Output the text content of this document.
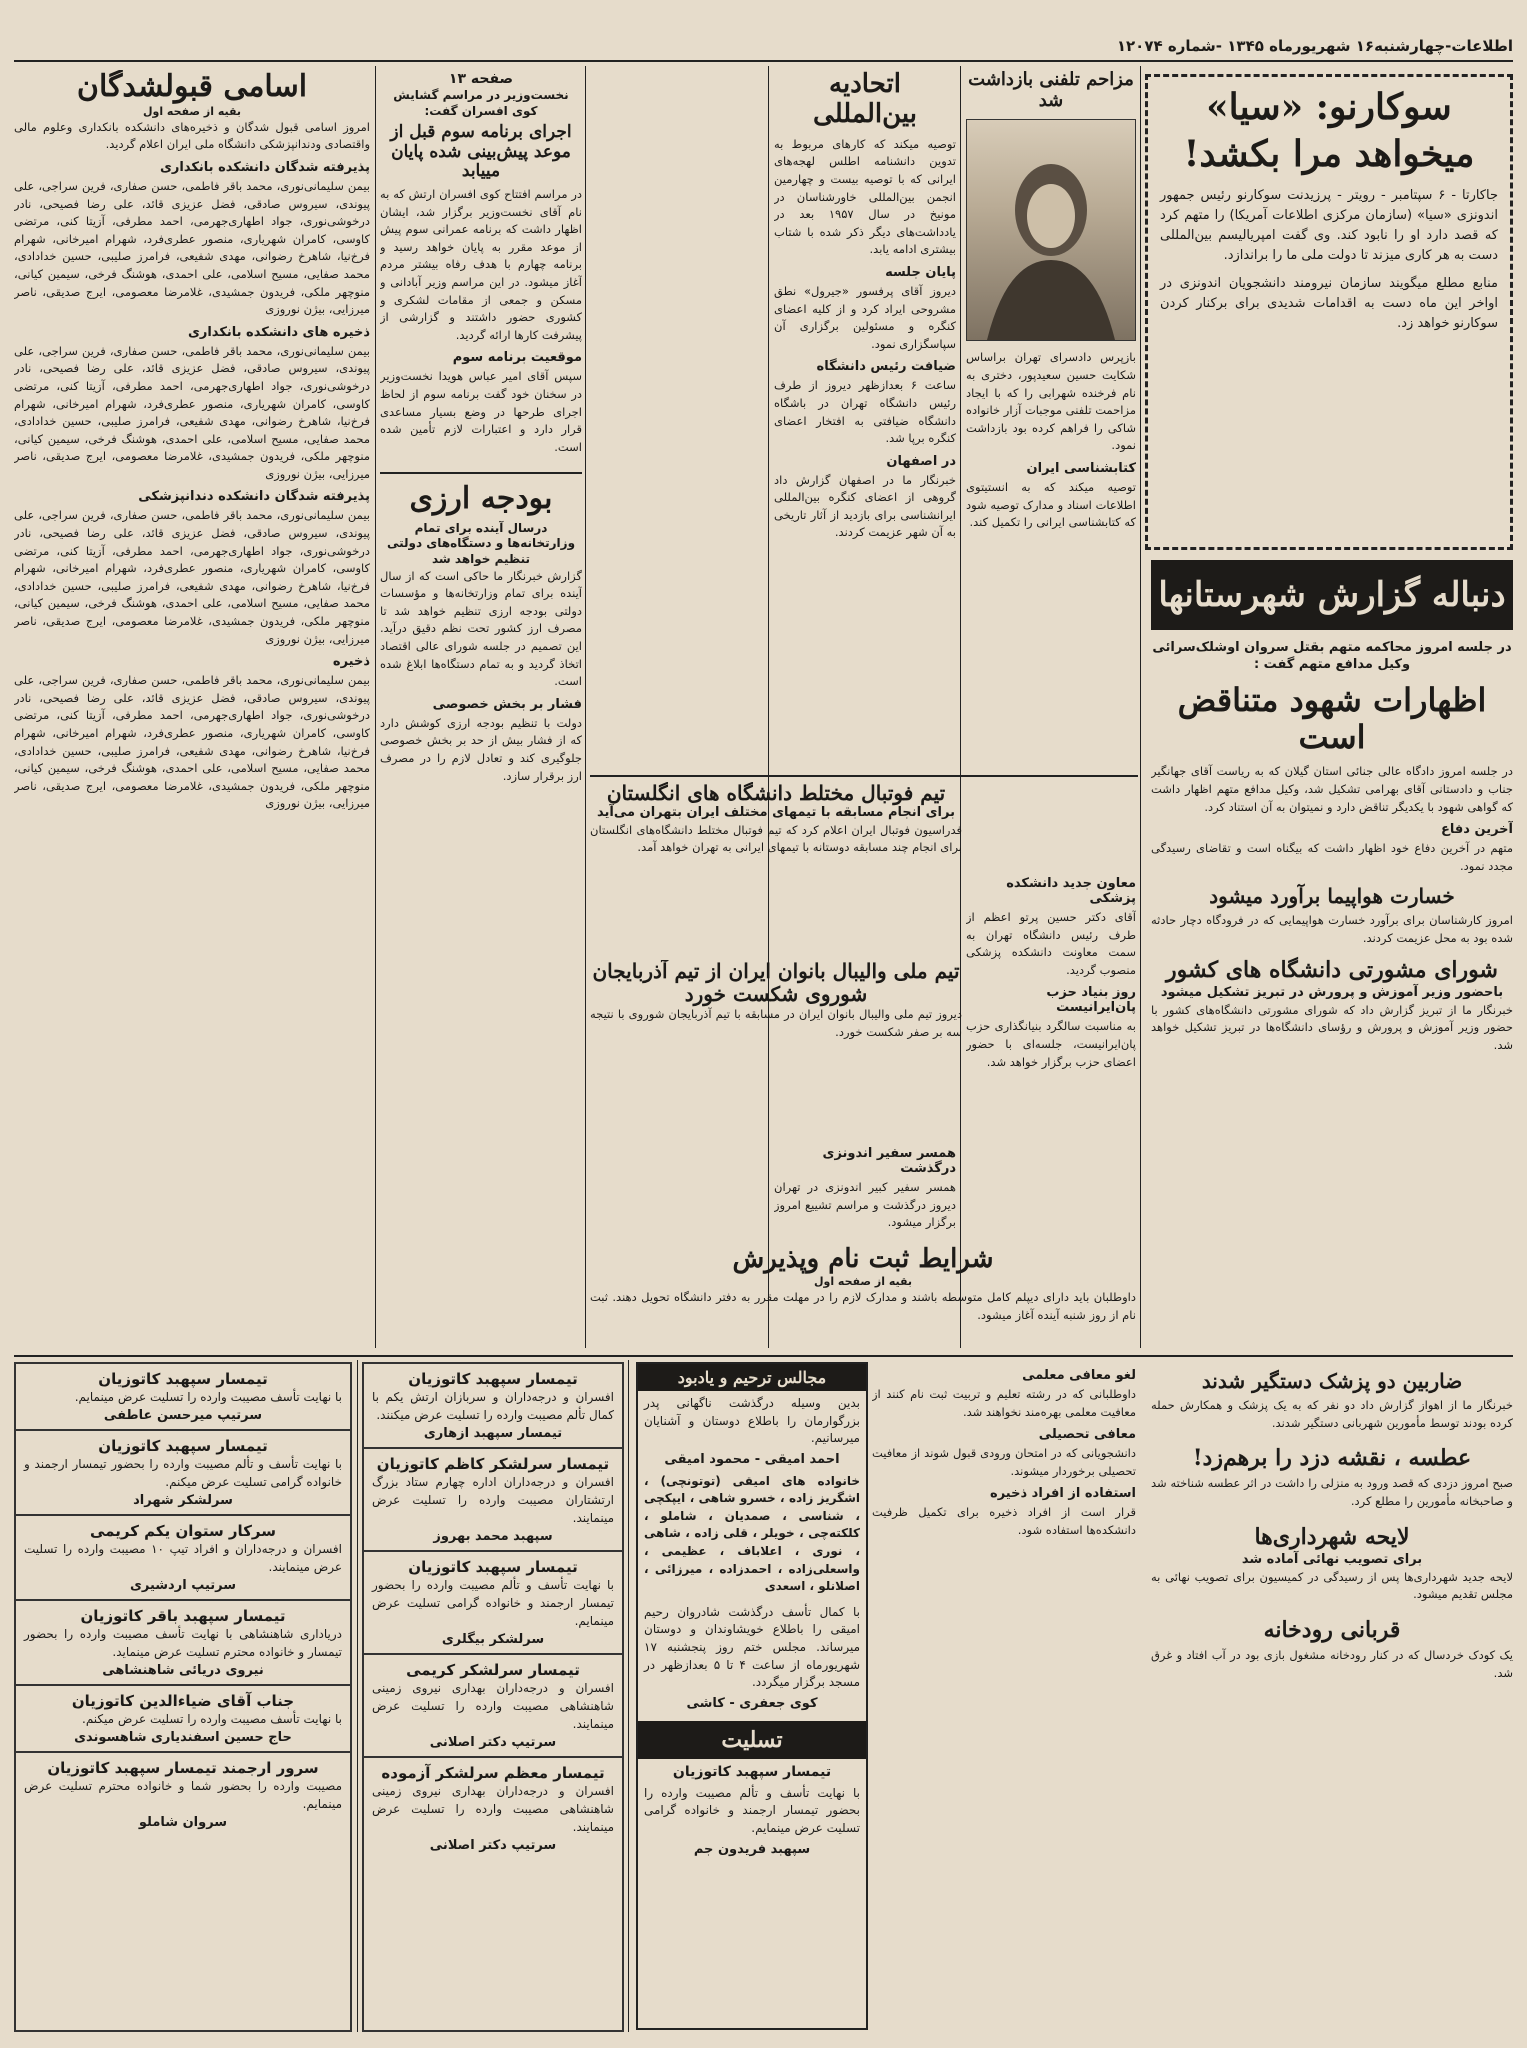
اطلاعات-چهارشنبه۱۶ شهریورماه ۱۳۴۵ -شماره ۱۲۰۷۴
سوکارنو: «سیا»
میخواهد مرا بکشد!
جاکارتا - ۶ سپتامبر - رویتر - پرزیدنت سوکارنو رئیس جمهور اندونزی «سیا» (سازمان مرکزی اطلاعات آمریکا) را متهم کرد که قصد دارد او را نابود کند. وی گفت امپریالیسم بین‌المللی دست به هر کاری میزند تا دولت ملی ما را براندازد.
منابع مطلع میگویند سازمان نیرومند دانشجویان اندونزی در اواخر این ماه دست به اقدامات شدیدی برای برکنار کردن سوکارنو خواهد زد.
دنباله گزارش شهرستانها
در جلسه امروز محاکمه متهم بقتل سروان اوشلک‌سرائی وکیل مدافع متهم گفت :
اظهارات شهود متناقض است
در جلسه امروز دادگاه عالی جنائی استان گیلان که به ریاست آقای جهانگیر جناب و دادستانی آقای بهرامی تشکیل شد، وکیل مدافع متهم اظهار داشت که گواهی شهود با یکدیگر تناقض دارد و نمیتوان به آن استناد کرد.
آخرین دفاع
متهم در آخرین دفاع خود اظهار داشت که بیگناه است و تقاضای رسیدگی مجدد نمود.
خسارت هواپیما برآورد میشود
امروز کارشناسان برای برآورد خسارت هواپیمایی که در فرودگاه دچار حادثه شده بود به محل عزیمت کردند.
شورای مشورتی دانشگاه های کشور
باحضور وزیر آموزش و پرورش در تبریز تشکیل میشود
خبرنگار ما از تبریز گزارش داد که شورای مشورتی دانشگاه‌های کشور با حضور وزیر آموزش و پرورش و رؤسای دانشگاه‌ها در تبریز تشکیل خواهد شد.
ضاربین دو پزشک دستگیر شدند
خبرنگار ما از اهواز گزارش داد دو نفر که به یک پزشک و همکارش حمله کرده بودند توسط مأمورین شهربانی دستگیر شدند.
عطسه ، نقشه دزد را برهم‌زد!
صبح امروز دزدی که قصد ورود به منزلی را داشت در اثر عطسه شناخته شد و صاحبخانه مأمورین را مطلع کرد.
لایحه شهرداری‌ها
برای تصویب نهائی آماده شد
لایحه جدید شهرداری‌ها پس از رسیدگی در کمیسیون برای تصویب نهائی به مجلس تقدیم میشود.
قربانی رودخانه
یک کودک خردسال که در کنار رودخانه مشغول بازی بود در آب افتاد و غرق شد.
مزاحم تلفنی بازداشت شد
بازپرس دادسرای تهران براساس شکایت حسین سعیدپور، دختری به نام فرخنده شهرابی را که با ایجاد مزاحمت تلفنی موجبات آزار خانواده شاکی را فراهم کرده بود بازداشت نمود.
کتابشناسی ایران
توصیه میکند که به انستیتوی اطلاعات اسناد و مدارک توصیه شود که کتابشناسی ایرانی را تکمیل کند.
اتحادیه بین‌المللی
توصیه میکند که کارهای مربوط به تدوین دانشنامه اطلس لهجه‌های ایرانی که با توصیه بیست و چهارمین انجمن بین‌المللی خاورشناسان در مونیخ در سال ۱۹۵۷ بعد در یادداشت‌های دیگر ذکر شده با شتاب بیشتری ادامه یابد.
پایان جلسه
دیروز آقای پرفسور «جیرول» نطق مشروحی ایراد کرد و از کلیه اعضای کنگره و مسئولین برگزاری آن سپاسگزاری نمود.
ضیافت رئیس دانشگاه
ساعت ۶ بعدازظهر دیروز از طرف رئیس دانشگاه تهران در باشگاه دانشگاه ضیافتی به افتخار اعضای کنگره برپا شد.
در اصفهان
خبرنگار ما در اصفهان گزارش داد گروهی از اعضای کنگره بین‌المللی ایرانشناسی برای بازدید از آثار تاریخی به آن شهر عزیمت کردند.
تیم فوتبال مختلط دانشگاه های انگلستان
برای انجام مسابقه با تیمهای مختلف ایران بتهران می‌آید
فدراسیون فوتبال ایران اعلام کرد که تیم فوتبال مختلط دانشگاه‌های انگلستان برای انجام چند مسابقه دوستانه با تیمهای ایرانی به تهران خواهد آمد.
تیم ملی والیبال بانوان ایران از تیم آذربایجان شوروی شکست خورد
دیروز تیم ملی والیبال بانوان ایران در مسابقه با تیم آذربایجان شوروی با نتیجه سه بر صفر شکست خورد.
همسر سفیر اندونزی درگذشت
همسر سفیر کبیر اندونزی در تهران دیروز درگذشت و مراسم تشییع امروز برگزار میشود.
معاون جدید دانشکده پزشکی
آقای دکتر حسین پرتو اعظم از طرف رئیس دانشگاه تهران به سمت معاونت دانشکده پزشکی منصوب گردید.
روز بنیاد حزب پان‌ایرانیست
به مناسبت سالگرد بنیانگذاری حزب پان‌ایرانیست، جلسه‌ای با حضور اعضای حزب برگزار خواهد شد.
شرایط ثبت نام وپذیرش
بقیه از صفحه اول
داوطلبان باید دارای دیپلم کامل متوسطه باشند و مدارک لازم را در مهلت مقرر به دفتر دانشگاه تحویل دهند. ثبت نام از روز شنبه آینده آغاز میشود.
صفحه ۱۳
نخست‌وزیر در مراسم گشایش کوی افسران گفت:
اجرای برنامه سوم قبل از موعد پیش‌بینی شده پایان مییابد
در مراسم افتتاح کوی افسران ارتش که به نام آقای نخست‌وزیر برگزار شد، ایشان اظهار داشت که برنامه عمرانی سوم پیش از موعد مقرر به پایان خواهد رسید و برنامه چهارم با هدف رفاه بیشتر مردم آغاز میشود. در این مراسم وزیر آبادانی و مسکن و جمعی از مقامات لشکری و کشوری حضور داشتند و گزارشی از پیشرفت کارها ارائه گردید.
موقعیت برنامه سوم
سپس آقای امیر عباس هویدا نخست‌وزیر در سخنان خود گفت برنامه سوم از لحاظ اجرای طرحها در وضع بسیار مساعدی قرار دارد و اعتبارات لازم تأمین شده است.
بودجه ارزی
درسال آینده برای تمام وزارتخانه‌ها و دستگاه‌های دولتی تنظیم خواهد شد
گزارش خبرنگار ما حاکی است که از سال آینده برای تمام وزارتخانه‌ها و مؤسسات دولتی بودجه ارزی تنظیم خواهد شد تا مصرف ارز کشور تحت نظم دقیق درآید. این تصمیم در جلسه شورای عالی اقتصاد اتخاذ گردید و به تمام دستگاه‌ها ابلاغ شده است.
فشار بر بخش خصوصی
دولت با تنظیم بودجه ارزی کوشش دارد که از فشار بیش از حد بر بخش خصوصی جلوگیری کند و تعادل لازم را در مصرف ارز برقرار سازد.
اسامی قبولشدگان
بقیه از صفحه اول
امروز اسامی قبول شدگان و ذخیره‌های دانشکده بانکداری وعلوم مالی واقتصادی ودندانپزشکی دانشگاه ملی ایران اعلام گردید.
پذیرفته شدگان دانشکده بانکداری
بیمن سلیمانی‌نوری، محمد باقر فاطمی، حسن صفاری، فرین سراجی، علی پیوندی، سیروس صادقی، فضل عزیزی قائد، علی رضا فصیحی، نادر درخوشی‌نوری، جواد اطهاری‌جهرمی، احمد مطرفی، آزیتا کنی، مرتضی کاوسی، کامران شهریاری، منصور عطری‌فرد، شهرام امیرخانی، شهرام فرخ‌نیا، شاهرخ رضوانی، مهدی شفیعی، فرامرز صلیبی، حسین خدادادی، محمد صفایی، مسیح اسلامی، علی احمدی، هوشنگ فرخی، سیمین کیانی، منوچهر ملکی، فریدون جمشیدی، غلامرضا معصومی، ایرج صدیقی، ناصر میرزایی، بیژن نوروزی
ذخیره های دانشکده بانکداری
بیمن سلیمانی‌نوری، محمد باقر فاطمی، حسن صفاری، فرین سراجی، علی پیوندی، سیروس صادقی، فضل عزیزی قائد، علی رضا فصیحی، نادر درخوشی‌نوری، جواد اطهاری‌جهرمی، احمد مطرفی، آزیتا کنی، مرتضی کاوسی، کامران شهریاری، منصور عطری‌فرد، شهرام امیرخانی، شهرام فرخ‌نیا، شاهرخ رضوانی، مهدی شفیعی، فرامرز صلیبی، حسین خدادادی، محمد صفایی، مسیح اسلامی، علی احمدی، هوشنگ فرخی، سیمین کیانی، منوچهر ملکی، فریدون جمشیدی، غلامرضا معصومی، ایرج صدیقی، ناصر میرزایی، بیژن نوروزی
پذیرفته شدگان دانشکده دندانپزشکی
بیمن سلیمانی‌نوری، محمد باقر فاطمی، حسن صفاری، فرین سراجی، علی پیوندی، سیروس صادقی، فضل عزیزی قائد، علی رضا فصیحی، نادر درخوشی‌نوری، جواد اطهاری‌جهرمی، احمد مطرفی، آزیتا کنی، مرتضی کاوسی، کامران شهریاری، منصور عطری‌فرد، شهرام امیرخانی، شهرام فرخ‌نیا، شاهرخ رضوانی، مهدی شفیعی، فرامرز صلیبی، حسین خدادادی، محمد صفایی، مسیح اسلامی، علی احمدی، هوشنگ فرخی، سیمین کیانی، منوچهر ملکی، فریدون جمشیدی، غلامرضا معصومی، ایرج صدیقی، ناصر میرزایی، بیژن نوروزی
ذخیره
بیمن سلیمانی‌نوری، محمد باقر فاطمی، حسن صفاری، فرین سراجی، علی پیوندی، سیروس صادقی، فضل عزیزی قائد، علی رضا فصیحی، نادر درخوشی‌نوری، جواد اطهاری‌جهرمی، احمد مطرفی، آزیتا کنی، مرتضی کاوسی، کامران شهریاری، منصور عطری‌فرد، شهرام امیرخانی، شهرام فرخ‌نیا، شاهرخ رضوانی، مهدی شفیعی، فرامرز صلیبی، حسین خدادادی، محمد صفایی، مسیح اسلامی، علی احمدی، هوشنگ فرخی، سیمین کیانی، منوچهر ملکی، فریدون جمشیدی، غلامرضا معصومی، ایرج صدیقی، ناصر میرزایی، بیژن نوروزی
لغو معافی معلمی
داوطلبانی که در رشته تعلیم و تربیت ثبت نام کنند از معافیت معلمی بهره‌مند نخواهند شد.
معافی تحصیلی
دانشجویانی که در امتحان ورودی قبول شوند از معافیت تحصیلی برخوردار میشوند.
استفاده از افراد ذخیره
قرار است از افراد ذخیره برای تکمیل ظرفیت دانشکده‌ها استفاده شود.
مجالس ترحیم و یادبود
بدین وسیله درگذشت ناگهانی پدر بزرگوارمان را باطلاع دوستان و آشنایان میرسانیم.
احمد امیقی - محمود امیقی
خانواده های امیقی (توتونچی) ، اشگریز زاده ، خسرو شاهی ، ایپکچی ، شناسی ، صمدیان ، شاملو ، کلکته‌چی ، خویلر ، قلی زاده ، شاهی ، نوری ، اعلاباف ، عظیمی ، واسعلی‌زاده ، احمدزاده ، میرزائی ، اصلانلو ، اسعدی
با کمال تأسف درگذشت شادروان رحیم امیقی را باطلاع خویشاوندان و دوستان میرساند. مجلس ختم روز پنجشنبه ۱۷ شهریورماه از ساعت ۴ تا ۵ بعدازظهر در مسجد برگزار میگردد.
کوی جعفری - کاشی
تسلیت
تیمسار سپهبد کاتوزیان
با نهایت تأسف و تألم مصیبت وارده را بحضور تیمسار ارجمند و خانواده گرامی تسلیت عرض مینمایم.
سپهبد فریدون جم
تیمسار سپهبد کاتوزیان
افسران و درجه‌داران و سربازان ارتش یکم با کمال تألم مصیبت وارده را تسلیت عرض میکنند.
تیمسار سپهبد ازهاری
تیمسار سرلشکر کاظم کاتوزیان
افسران و درجه‌داران اداره چهارم ستاد بزرگ ارتشتاران مصیبت وارده را تسلیت عرض مینمایند.
سپهبد محمد بهروز
تیمسار سپهبد کاتوزیان
با نهایت تأسف و تألم مصیبت وارده را بحضور تیمسار ارجمند و خانواده گرامی تسلیت عرض مینمایم.
سرلشکر بیگلری
تیمسار سرلشکر کریمی
افسران و درجه‌داران بهداری نیروی زمینی شاهنشاهی مصیبت وارده را تسلیت عرض مینمایند.
سرتیپ دکتر اصلانی
تیمسار معظم سرلشکر آزموده
افسران و درجه‌داران بهداری نیروی زمینی شاهنشاهی مصیبت وارده را تسلیت عرض مینمایند.
سرتیپ دکتر اصلانی
تیمسار سپهبد کاتوزیان
با نهایت تأسف مصیبت وارده را تسلیت عرض مینمایم.
سرتیپ میرحسن عاطفی
تیمسار سپهبد کاتوزیان
با نهایت تأسف و تألم مصیبت وارده را بحضور تیمسار ارجمند و خانواده گرامی تسلیت عرض میکنم.
سرلشکر شهراد
سرکار ستوان یکم کریمی
افسران و درجه‌داران و افراد تیپ ۱۰ مصیبت وارده را تسلیت عرض مینمایند.
سرتیپ اردشیری
تیمسار سپهبد باقر کاتوزیان
دریاداری شاهنشاهی با نهایت تأسف مصیبت وارده را بحضور تیمسار و خانواده محترم تسلیت عرض مینماید.
نیروی دریائی شاهنشاهی
جناب آقای ضیاءالدین کاتوزیان
با نهایت تأسف مصیبت وارده را تسلیت عرض میکنم.
حاج حسین اسفندیاری شاهسوندی
سرور ارجمند تیمسار سپهبد کاتوزیان
مصیبت وارده را بحضور شما و خانواده محترم تسلیت عرض مینمایم.
سروان شاملو
